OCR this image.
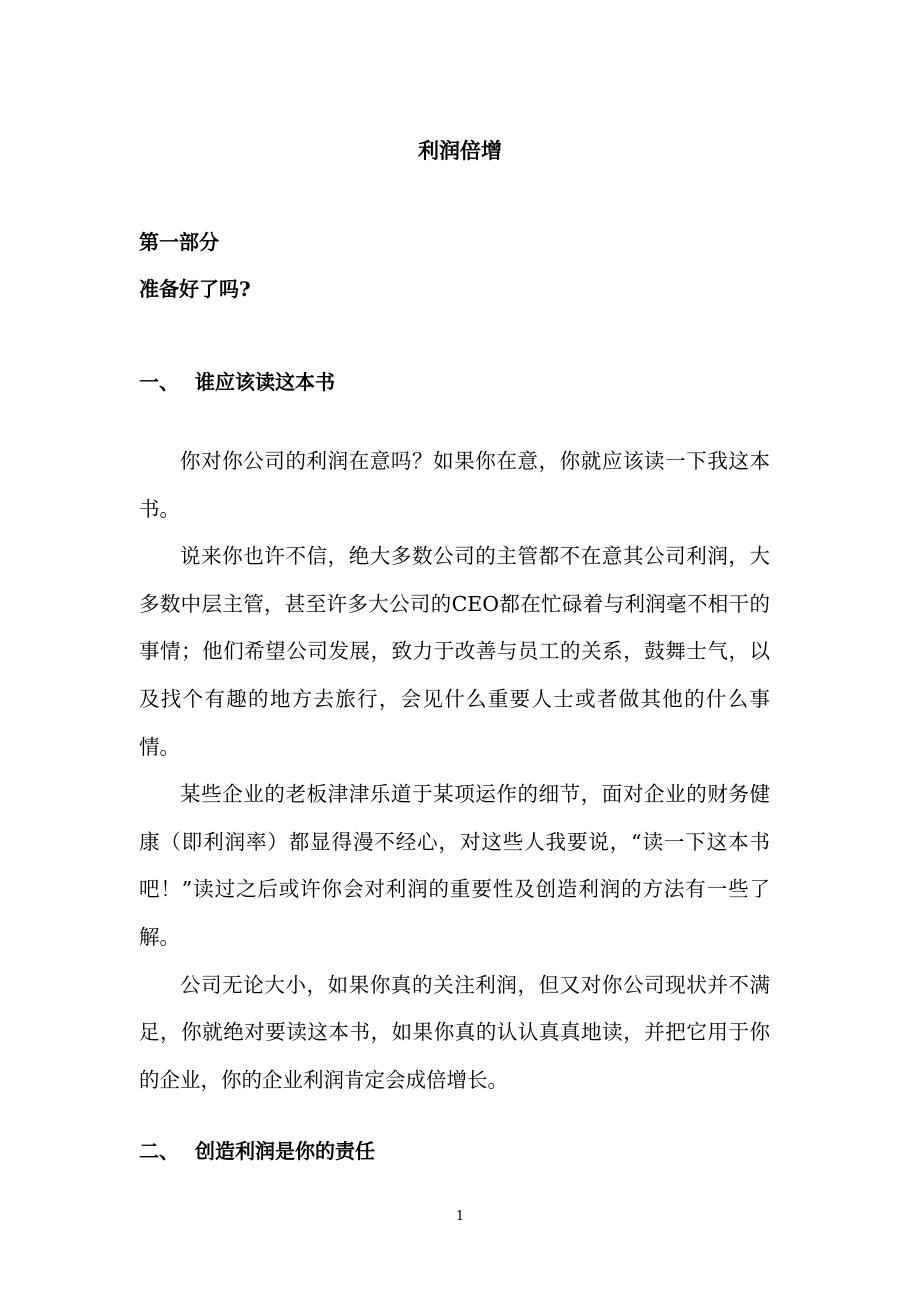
利润倍增
第一部分
准备好了吗?
一、 谁应该读这本书

你对你公司的利润在意吗？如果你在意，你就应该读一下我这本书。

说来你也许不信，绝大多数公司的主管都不在意其公司利润，大多数中层主管，甚至许多大公司的CEO都在忙碌着与利润毫不相干的事情；他们希望公司发展，致力于改善与员工的关系，鼓舞士气，以及找个有趣的地方去旅行，会见什么重要人士或者做其他的什么事情。

某些企业的老板津津乐道于某项运作的细节，面对企业的财务健康（即利润率）都显得漫不经心，对这些人我要说，“读一下这本书吧！”读过之后或许你会对利润的重要性及创造利润的方法有一些了解。

公司无论大小，如果你真的关注利润，但又对你公司现状并不满足，你就绝对要读这本书，如果你真的认认真真地读，并把它用于你的企业，你的企业利润肯定会成倍增长。

二、 创造利润是你的责任
1
